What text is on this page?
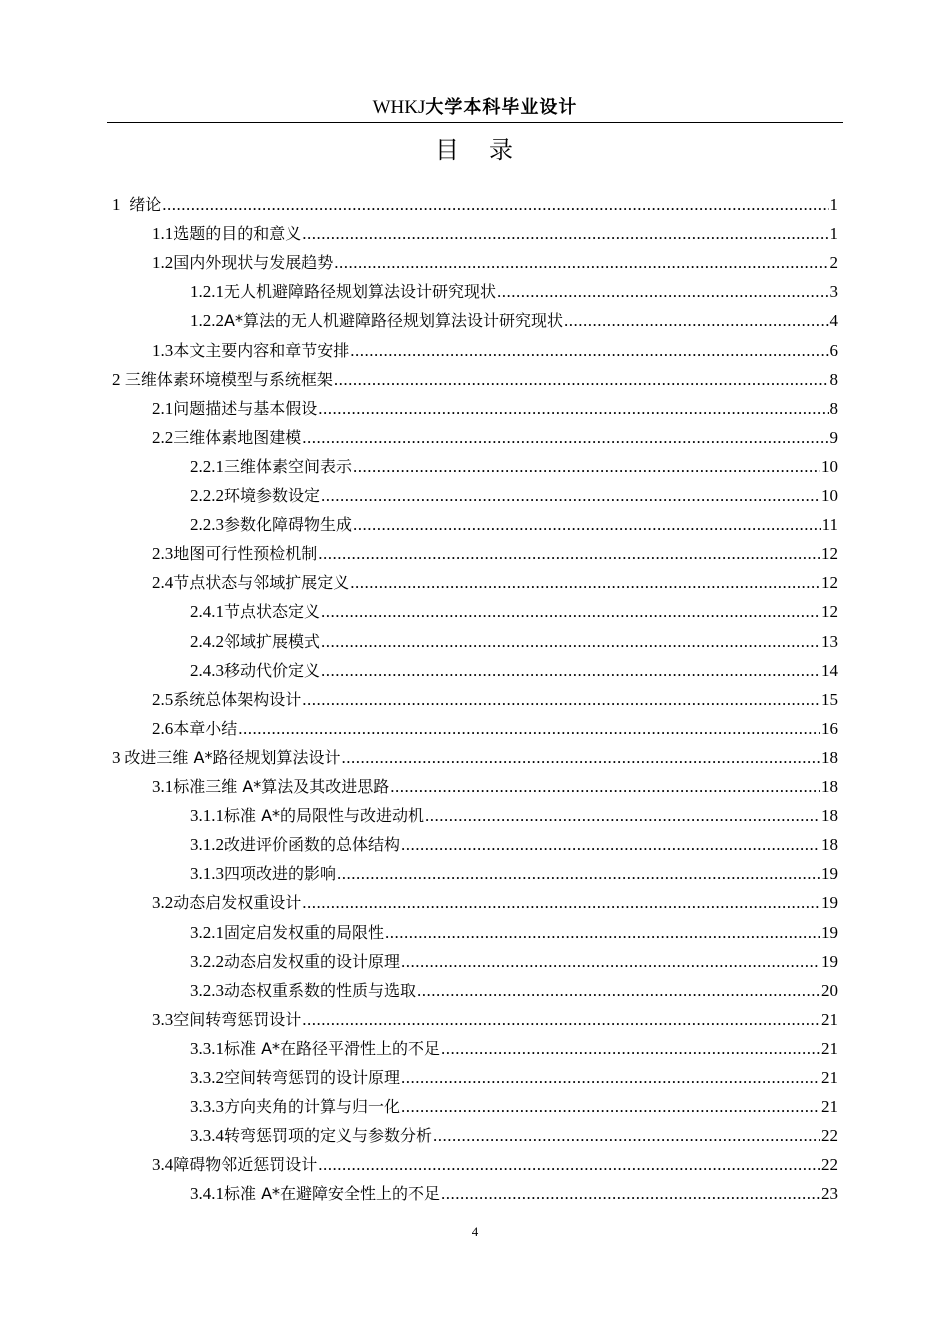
WHKJ大学本科毕业设计
目 录
1 绪论 .....	1
1.1 选题的目的和意义 .....	1
1.2 国内外现状与发展趋势 .....	2
1.2.1 无人机避障路径规划算法设计研究现状 .....	3
1.2.2 A*算法的无人机避障路径规划算法设计研究现状 .....	4
1.3 本文主要内容和章节安排 .....	6
2 三维体素环境模型与系统框架 .....	8
2.1 问题描述与基本假设 .....	8
2.2 三维体素地图建模 .....	9
2.2.1 三维体素空间表示 .....	10
2.2.2 环境参数设定 .....	10
2.2.3 参数化障碍物生成 .....	11
2.3 地图可行性预检机制 .....	12
2.4 节点状态与邻域扩展定义 .....	12
2.4.1 节点状态定义 .....	12
2.4.2 邻域扩展模式 .....	13
2.4.3 移动代价定义 .....	14
2.5 系统总体架构设计 .....	15
2.6 本章小结 .....	16
3 改进三维 A*路径规划算法设计 .....	18
3.1 标准三维 A*算法及其改进思路 .....	18
3.1.1 标准 A*的局限性与改进动机 .....	18
3.1.2 改进评价函数的总体结构 .....	18
3.1.3 四项改进的影响 .....	19
3.2 动态启发权重设计 .....	19
3.2.1 固定启发权重的局限性 .....	19
3.2.2 动态启发权重的设计原理 .....	19
3.2.3 动态权重系数的性质与选取 .....	20
3.3 空间转弯惩罚设计 .....	21
3.3.1 标准 A*在路径平滑性上的不足 .....	21
3.3.2 空间转弯惩罚的设计原理 .....	21
3.3.3 方向夹角的计算与归一化 .....	21
3.3.4 转弯惩罚项的定义与参数分析 .....	22
3.4 障碍物邻近惩罚设计 .....	22
3.4.1 标准 A*在避障安全性上的不足 .....	23
4
